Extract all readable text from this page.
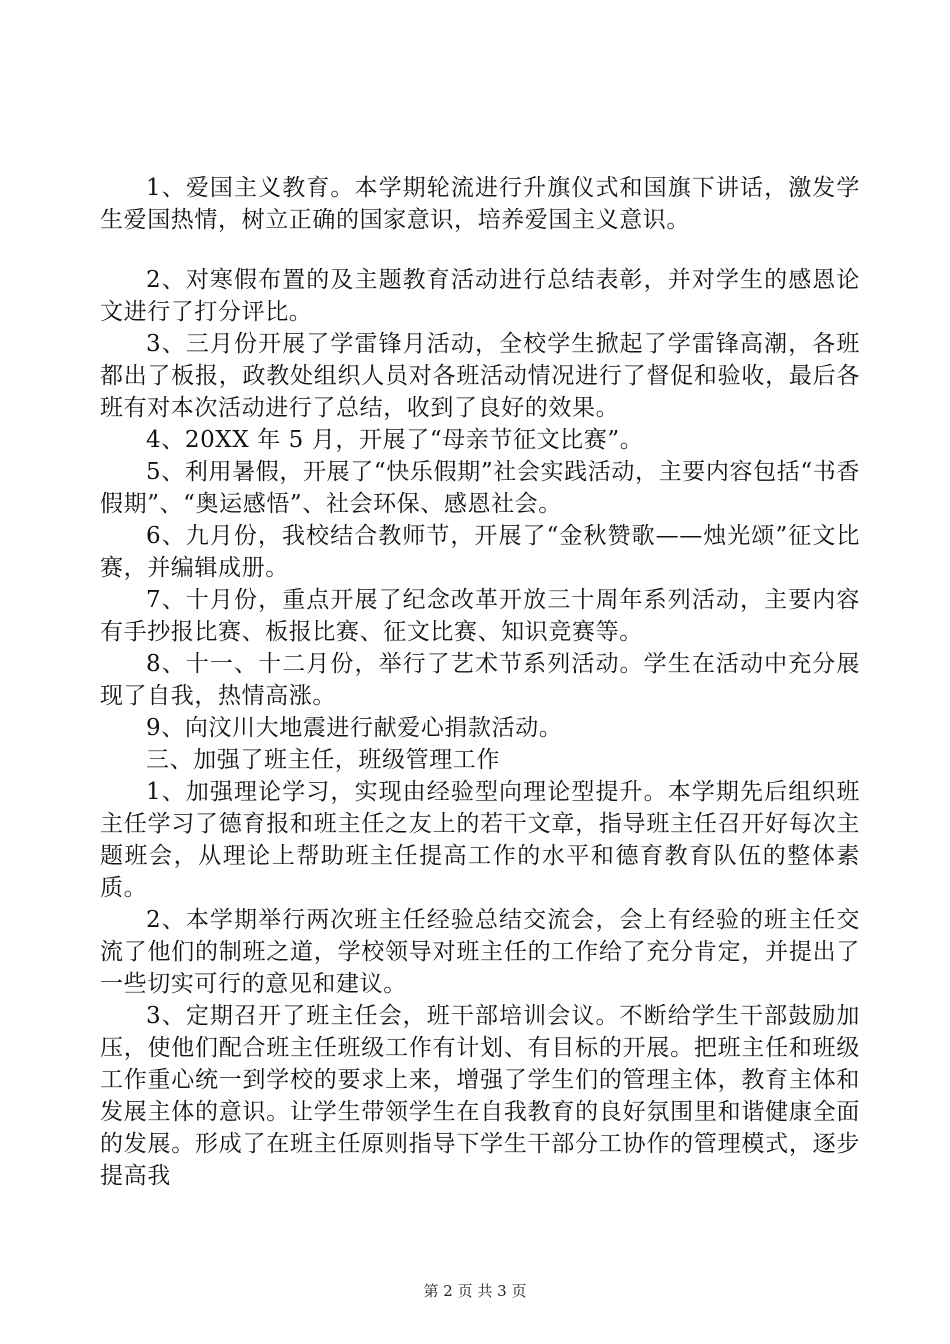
1、爱国主义教育。本学期轮流进行升旗仪式和国旗下讲话，激发学生爱国热情，树立正确的国家意识，培养爱国主义意识。

2、对寒假布置的及主题教育活动进行总结表彰，并对学生的感恩论文进行了打分评比。

3、三月份开展了学雷锋月活动，全校学生掀起了学雷锋高潮，各班都出了板报，政教处组织人员对各班活动情况进行了督促和验收，最后各班有对本次活动进行了总结，收到了良好的效果。

4、20XX 年 5 月，开展了“母亲节征文比赛”。

5、利用暑假，开展了“快乐假期”社会实践活动，主要内容包括“书香假期”、“奥运感悟”、社会环保、感恩社会。

6、九月份，我校结合教师节，开展了“金秋赞歌——烛光颂”征文比赛，并编辑成册。

7、十月份，重点开展了纪念改革开放三十周年系列活动，主要内容有手抄报比赛、板报比赛、征文比赛、知识竞赛等。

8、十一、十二月份，举行了艺术节系列活动。学生在活动中充分展现了自我，热情高涨。

9、向汶川大地震进行献爱心捐款活动。

三、加强了班主任，班级管理工作

1、加强理论学习，实现由经验型向理论型提升。本学期先后组织班主任学习了德育报和班主任之友上的若干文章，指导班主任召开好每次主题班会，从理论上帮助班主任提高工作的水平和德育教育队伍的整体素质。

2、本学期举行两次班主任经验总结交流会，会上有经验的班主任交流了他们的制班之道，学校领导对班主任的工作给了充分肯定，并提出了一些切实可行的意见和建议。

3、定期召开了班主任会，班干部培训会议。不断给学生干部鼓励加压，使他们配合班主任班级工作有计划、有目标的开展。把班主任和班级工作重心统一到学校的要求上来，增强了学生们的管理主体，教育主体和发展主体的意识。让学生带领学生在自我教育的良好氛围里和谐健康全面的发展。形成了在班主任原则指导下学生干部分工协作的管理模式，逐步提高我

第 2 页 共 3 页
